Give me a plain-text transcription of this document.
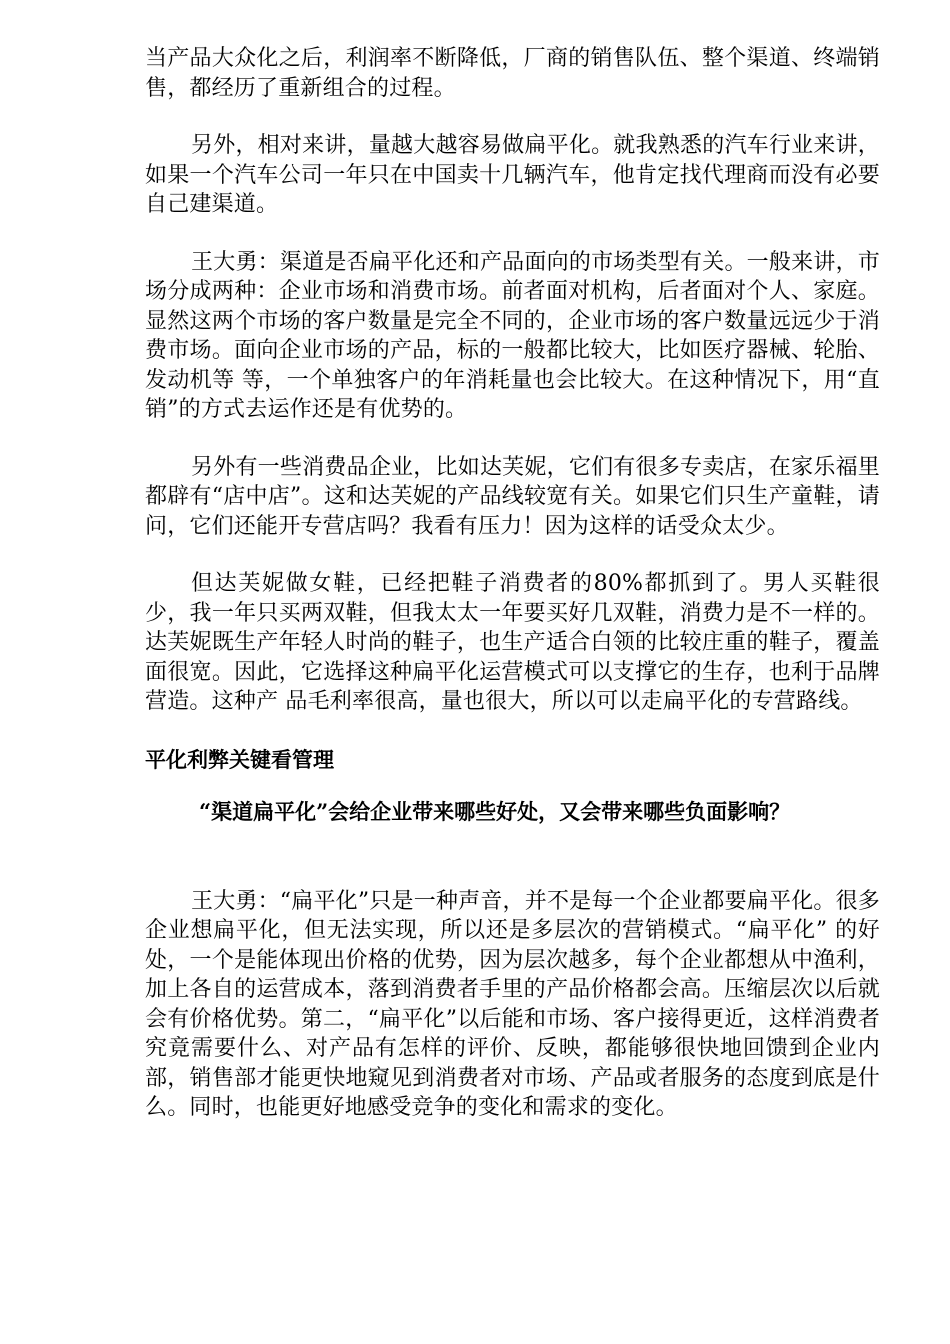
当产品大众化之后，利润率不断降低，厂商的销售队伍、整个渠道、终端销售，都经历了重新组合的过程。

另外，相对来讲，量越大越容易做扁平化。就我熟悉的汽车行业来讲，如果一个汽车公司一年只在中国卖十几辆汽车，他肯定找代理商而没有必要自己建渠道。

王大勇：渠道是否扁平化还和产品面向的市场类型有关。一般来讲，市场分成两种：企业市场和消费市场。前者面对机构，后者面对个人、家庭。显然这两个市场的客户数量是完全不同的，企业市场的客户数量远远少于消费市场。面向企业市场的产品，标的一般都比较大，比如医疗器械、轮胎、发动机等 等，一个单独客户的年消耗量也会比较大。在这种情况下，用“直销”的方式去运作还是有优势的。

另外有一些消费品企业，比如达芙妮，它们有很多专卖店，在家乐福里都辟有“店中店”。这和达芙妮的产品线较宽有关。如果它们只生产童鞋，请问，它们还能开专营店吗？我看有压力！因为这样的话受众太少。

但达芙妮做女鞋，已经把鞋子消费者的80%都抓到了。男人买鞋很少，我一年只买两双鞋，但我太太一年要买好几双鞋，消费力是不一样的。达芙妮既生产年轻人时尚的鞋子，也生产适合白领的比较庄重的鞋子，覆盖面很宽。因此，它选择这种扁平化运营模式可以支撑它的生存，也利于品牌营造。这种产 品毛利率很高，量也很大，所以可以走扁平化的专营路线。

平化利弊关键看管理
“渠道扁平化”会给企业带来哪些好处，又会带来哪些负面影响？

王大勇：“扁平化”只是一种声音，并不是每一个企业都要扁平化。很多企业想扁平化，但无法实现，所以还是多层次的营销模式。“扁平化” 的好处，一个是能体现出价格的优势，因为层次越多，每个企业都想从中渔利，加上各自的运营成本，落到消费者手里的产品价格都会高。压缩层次以后就会有价格优势。第二，“扁平化”以后能和市场、客户接得更近，这样消费者究竟需要什么、对产品有怎样的评价、反映，都能够很快地回馈到企业内部，销售部才能更快地窥见到消费者对市场、产品或者服务的态度到底是什么。同时，也能更好地感受竞争的变化和需求的变化。
